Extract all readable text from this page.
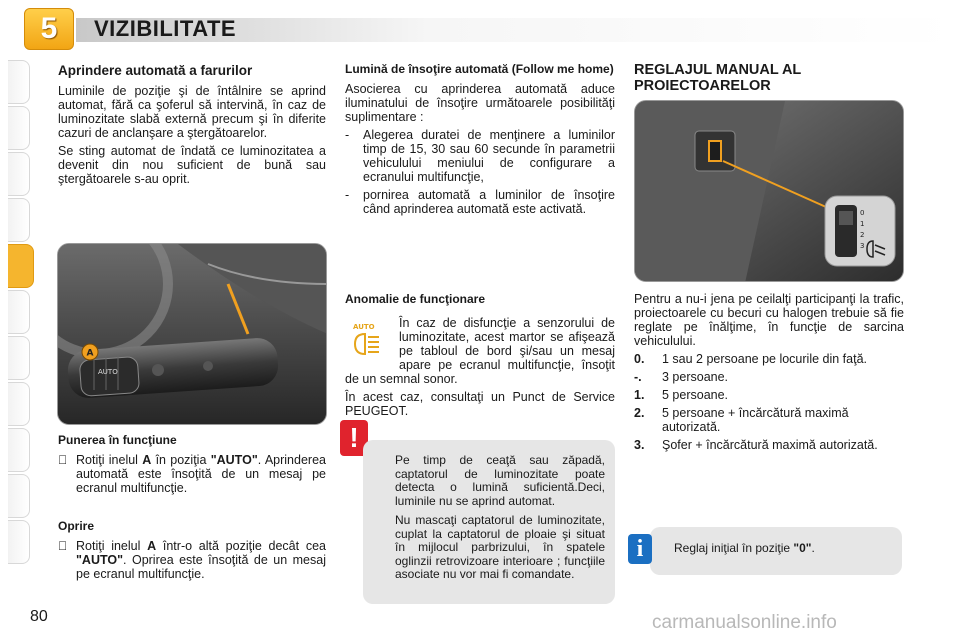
5	VIZIBILITATE
Aprindere automată a farurilor

Luminile de poziţie şi de întâlnire se aprind automat, fără ca şoferul să intervină, în caz de luminozitate slabă externă precum şi în diferite cazuri de anclanşare a ştergătoarelor.

Se sting automat de îndată ce luminozitatea a devenit din nou suficient de bună sau ştergătoarele s-au oprit.

AUTO
A
Punerea în funcţiune
Rotiţi inelul A în poziţia "AUTO". Aprinderea automată este însoţită de un mesaj pe ecranul multifuncţie.
Oprire
Rotiţi inelul A într-o altă poziţie decât cea "AUTO". Oprirea este însoţită de un mesaj pe ecranul multifuncţie.
Lumină de însoţire automată (Follow me home)

Asocierea cu aprinderea automată aduce iluminatului de însoţire următoarele posibilităţi suplimentare :

-	Alegerea duratei de menţinere a luminilor timp de 15, 30 sau 60 secunde în parametrii vehiculului meniului de configurare a ecranului multifuncţie,
-	pornirea automată a luminilor de însoţire când aprinderea automată este activată.
Anomalie de funcţionare
AUTO	În caz de disfuncţie a senzorului de luminozitate, acest martor se afişează pe tabloul de bord şi/sau un mesaj apare pe ecranul multifuncţie, însoţit de un semnal sonor.

În acest caz, consultaţi un Punct de Service PEUGEOT.

!

Pe timp de ceaţă sau zăpadă, captatorul de luminozitate poate detecta o lumină suficientă.Deci, luminile nu se aprind automat.

Nu mascaţi captatorul de luminozitate, cuplat la captatorul de ploaie şi situat în mijlocul parbrizului, în spatele oglinzii retrovizoare interioare ; funcţiile asociate nu vor mai fi comandate.

REGLAJUL MANUAL AL PROIECTOARELOR
0
1
2
3

Pentru a nu-i jena pe ceilalţi participanţi la trafic, proiectoarele cu becuri cu halogen trebuie să fie reglate pe înălţime, în funcţie de sarcina vehiculului.

0.	1 sau 2 persoane pe locurile din faţă.
-.	3 persoane.
1.	5 persoane.
2.	5 persoane + încărcătură maximă autorizată.
3.	Şofer + încărcătură maximă autorizată.
Reglaj iniţial în poziţie "0".
i
80	carmanualsonline.info
